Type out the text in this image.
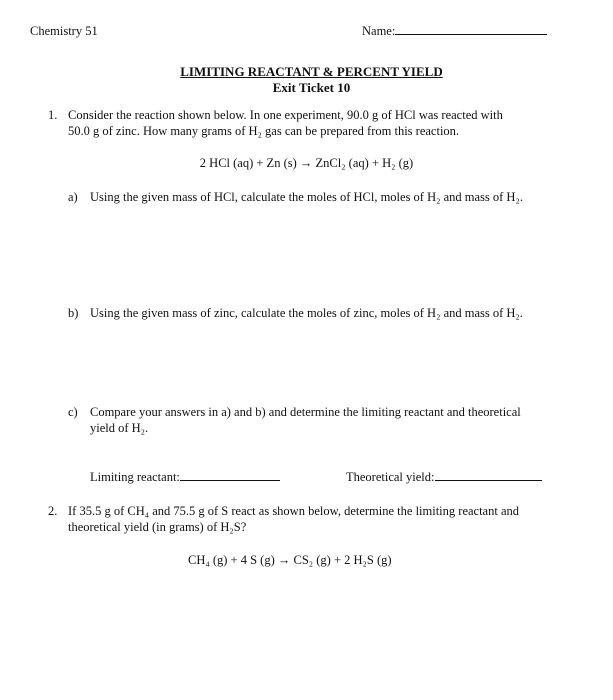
Chemistry 51	Name:
LIMITING REACTANT & PERCENT YIELD
Exit Ticket 10
1. Consider the reaction shown below. In one experiment, 90.0 g of HCl was reacted with
50.0 g of zinc. How many grams of H₂ gas can be prepared from this reaction.
2 HCl (aq) + Zn (s) → ZnCl₂ (aq) + H₂ (g)
a) Using the given mass of HCl, calculate the moles of HCl, moles of H₂ and mass of H₂.
b) Using the given mass of zinc, calculate the moles of zinc, moles of H₂ and mass of H₂.
c) Compare your answers in a) and b) and determine the limiting reactant and theoretical
yield of H₂.
Limiting reactant:	Theoretical yield:
2. If 35.5 g of CH₄ and 75.5 g of S react as shown below, determine the limiting reactant and
theoretical yield (in grams) of H₂S?
CH₄ (g) + 4 S (g) → CS₂ (g) + 2 H₂S (g)
